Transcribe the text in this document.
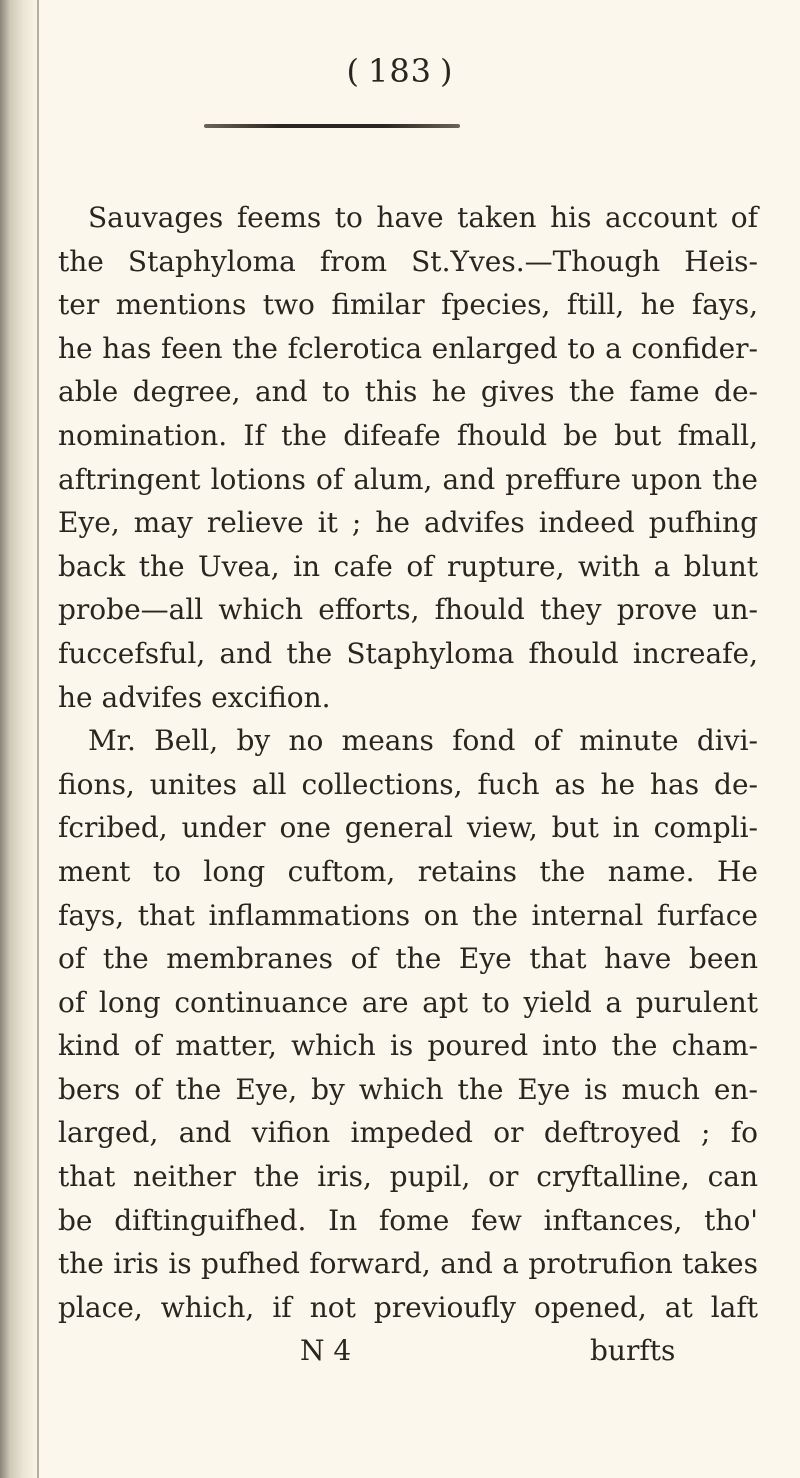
( 183 )
Sauvages feems to have taken his account of
the Staphyloma from St.Yves.—Though Heis-
ter mentions two fimilar fpecies, ftill, he fays,
he has feen the fclerotica enlarged to a confider-
able degree, and to this he gives the fame de-
nomination. If the difeafe fhould be but fmall,
aftringent lotions of alum, and preffure upon the
Eye, may relieve it ; he advifes indeed pufhing
back the Uvea, in cafe of rupture, with a blunt
probe—all which efforts, fhould they prove un-
fuccefsful, and the Staphyloma fhould increafe,
he advifes excifion.
Mr. Bell, by no means fond of minute divi-
fions, unites all collections, fuch as he has de-
fcribed, under one general view, but in compli-
ment to long cuftom, retains the name. He
fays, that inflammations on the internal furface
of the membranes of the Eye that have been
of long continuance are apt to yield a purulent
kind of matter, which is poured into the cham-
bers of the Eye, by which the Eye is much en-
larged, and vifion impeded or deftroyed ; fo
that neither the iris, pupil, or cryftalline, can
be diftinguifhed. In fome few inftances, tho'
the iris is pufhed forward, and a protrufion takes
place, which, if not previoufly opened, at laft
N 4	burfts
